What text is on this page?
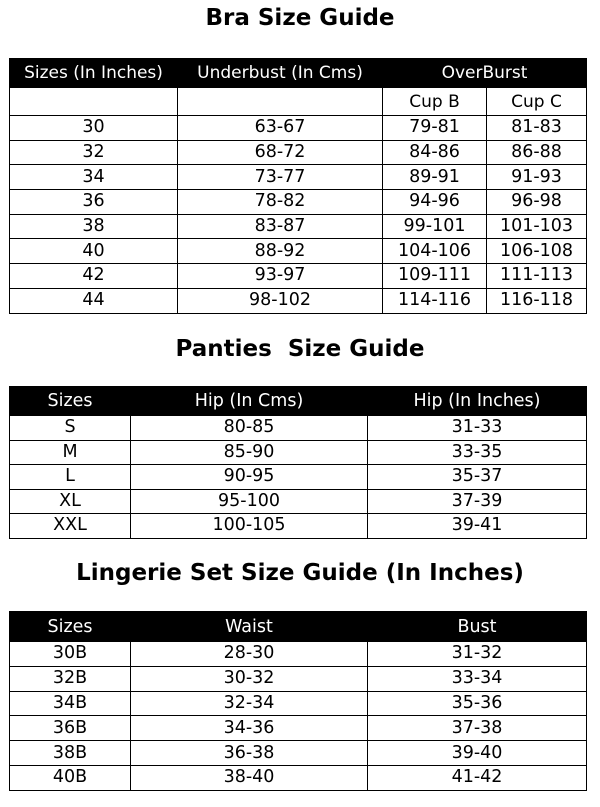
Bra Size Guide
Sizes (In Inches)	Underbust (In Cms)	OverBurst	
		Cup B	Cup C
30	63-67	79-81	81-83
32	68-72	84-86	86-88
34	73-77	89-91	91-93
36	78-82	94-96	96-98
38	83-87	99-101	101-103
40	88-92	104-106	106-108
42	93-97	109-111	111-113
44	98-102	114-116	116-118
Panties  Size Guide
Sizes	Hip (In Cms)	Hip (In Inches)
S	80-85	31-33
M	85-90	33-35
L	90-95	35-37
XL	95-100	37-39
XXL	100-105	39-41
Lingerie Set Size Guide (In Inches)
Sizes	Waist	Bust
30B	28-30	31-32
32B	30-32	33-34
34B	32-34	35-36
36B	34-36	37-38
38B	36-38	39-40
40B	38-40	41-42
